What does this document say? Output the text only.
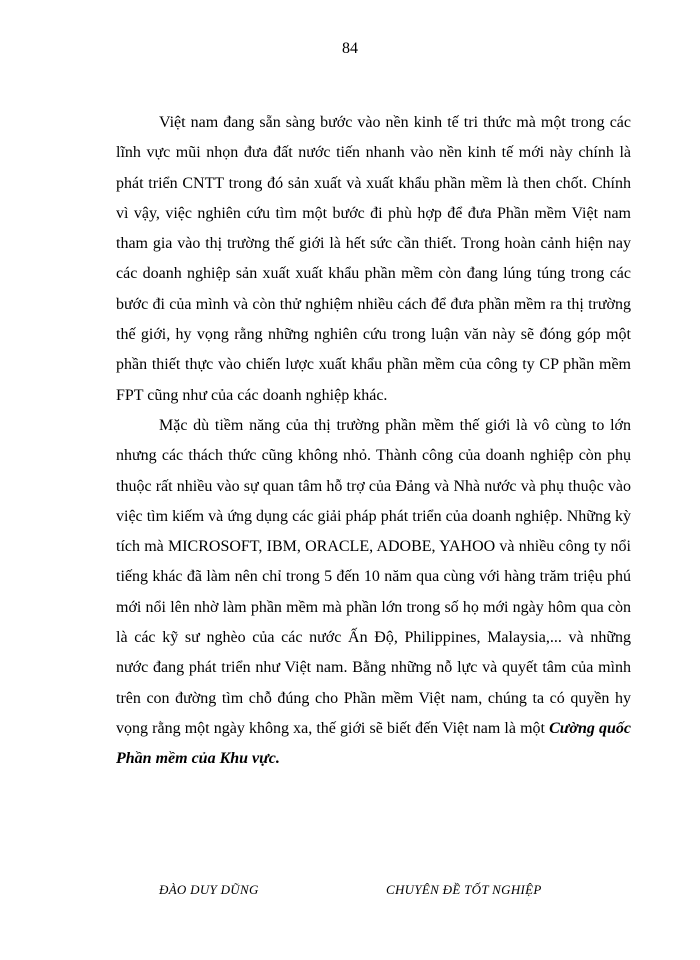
84

Việt nam đang sẵn sàng bước vào nền kinh tế tri thức mà một trong các lĩnh vực mũi nhọn đưa đất nước tiến nhanh vào nền kinh tế mới này chính là phát triển CNTT trong đó sản xuất và xuất khẩu phần mềm là then chốt. Chính vì vậy, việc nghiên cứu tìm một bước đi phù hợp để đưa Phần mềm Việt nam tham gia vào thị trường thế giới là hết sức cần thiết. Trong hoàn cảnh hiện nay các doanh nghiệp sản xuất xuất khẩu phần mềm còn đang lúng túng trong các bước đi của mình và còn thử nghiệm nhiều cách để đưa phần mềm ra thị trường thế giới, hy vọng rằng những nghiên cứu trong luận văn này sẽ đóng góp một phần thiết thực vào chiến lược xuất khẩu phần mềm của công ty CP phần mềm FPT cũng như của các doanh nghiệp khác.

Mặc dù tiềm năng của thị trường phần mềm thế giới là vô cùng to lớn nhưng các thách thức cũng không nhỏ. Thành công của doanh nghiệp còn phụ thuộc rất nhiều vào sự quan tâm hỗ trợ của Đảng và Nhà nước và phụ thuộc vào việc tìm kiếm và ứng dụng các giải pháp phát triển của doanh nghiệp. Những kỳ tích mà MICROSOFT, IBM, ORACLE, ADOBE, YAHOO và nhiều công ty nổi tiếng khác đã làm nên chỉ trong 5 đến 10 năm qua cùng với hàng trăm triệu phú mới nổi lên nhờ làm phần mềm mà phần lớn trong số họ mới ngày hôm qua còn là các kỹ sư nghèo của các nước Ấn Độ, Philippines, Malaysia,... và những nước đang phát triển như Việt nam. Bằng những nỗ lực và quyết tâm của mình trên con đường tìm chỗ đúng cho Phần mềm Việt nam, chúng ta có quyền hy vọng rằng một ngày không xa, thế giới sẽ biết đến Việt nam là một Cường quốc Phần mềm của Khu vực.

ĐÀO DUY DŨNG	CHUYÊN ĐỀ TỐT NGHIỆP
